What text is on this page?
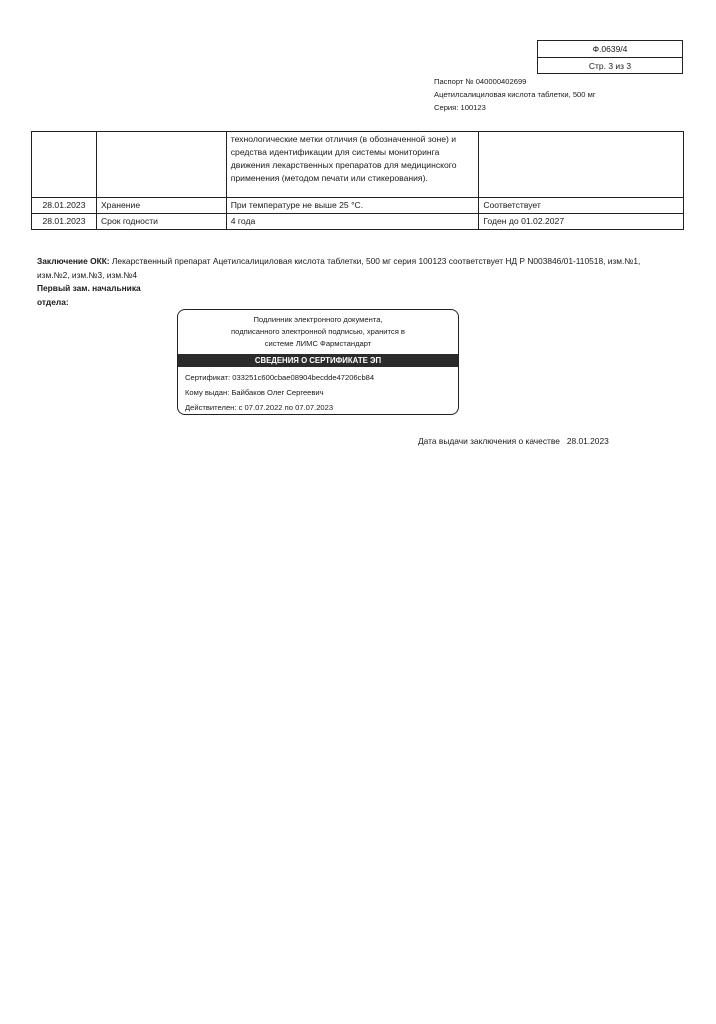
Ф.0639/4
Стр. 3 из 3
Паспорт № 040000402699
Ацетилсалициловая кислота таблетки, 500 мг
Серия: 100123
		технологические метки отличия (в обозначенной зоне) и средства идентификации для системы мониторинга движения лекарственных препаратов для медицинского применения (методом печати или стикерования).	
28.01.2023	Хранение	При температуре не выше 25 °С.	Соответствует
28.01.2023	Срок годности	4 года	Годен до 01.02.2027
Заключение ОКК: Лекарственный препарат Ацетилсалициловая кислота таблетки, 500 мг серия 100123 соответствует НД Р N003846/01-110518, изм.№1, изм.№2, изм.№3, изм.№4
Первый зам. начальника
отдела:
Подлинник электронного документа,
подписанного электронной подписью, хранится в
системе ЛИМС Фармстандарт
СВЕДЕНИЯ О СЕРТИФИКАТЕ ЭП
Сертификат: 033251c600cbae08904becdde47206cb84
Кому выдан: Байбаков Олег Сергеевич
Действителен: с 07.07.2022 по 07.07.2023
Дата выдачи заключения о качестве 28.01.2023
